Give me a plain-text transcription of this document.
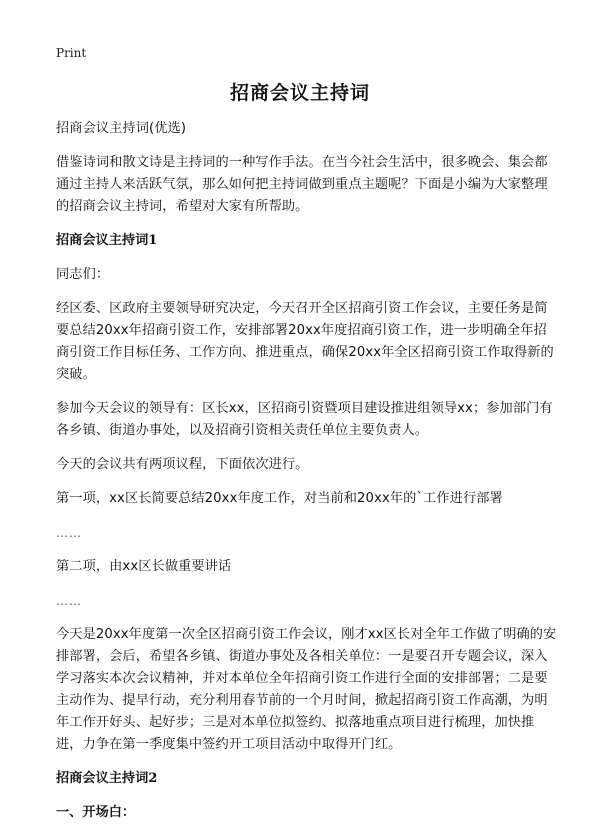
Print
招商会议主持词

招商会议主持词(优选)

借鉴诗词和散文诗是主持词的一种写作手法。在当今社会生活中，很多晚会、集会都通过主持人来活跃气氛，那么如何把主持词做到重点主题呢？下面是小编为大家整理的招商会议主持词，希望对大家有所帮助。

招商会议主持词1

同志们：

经区委、区政府主要领导研究决定，今天召开全区招商引资工作会议，主要任务是简要总结20xx年招商引资工作，安排部署20xx年度招商引资工作，进一步明确全年招商引资工作目标任务、工作方向、推进重点，确保20xx年全区招商引资工作取得新的突破。

参加今天会议的领导有：区长xx，区招商引资暨项目建设推进组领导xx；参加部门有各乡镇、街道办事处，以及招商引资相关责任单位主要负责人。

今天的会议共有两项议程，下面依次进行。

第一项，xx区长简要总结20xx年度工作，对当前和20xx年的`工作进行部署

……

第二项，由xx区长做重要讲话

……

今天是20xx年度第一次全区招商引资工作会议，刚才xx区长对全年工作做了明确的安排部署，会后，希望各乡镇、街道办事处及各相关单位：一是要召开专题会议，深入学习落实本次会议精神，并对本单位全年招商引资工作进行全面的安排部署；二是要主动作为、提早行动，充分利用春节前的一个月时间，掀起招商引资工作高潮，为明年工作开好头、起好步；三是对本单位拟签约、拟落地重点项目进行梳理，加快推进，力争在第一季度集中签约开工项目活动中取得开门红。

招商会议主持词2

一、开场白：
